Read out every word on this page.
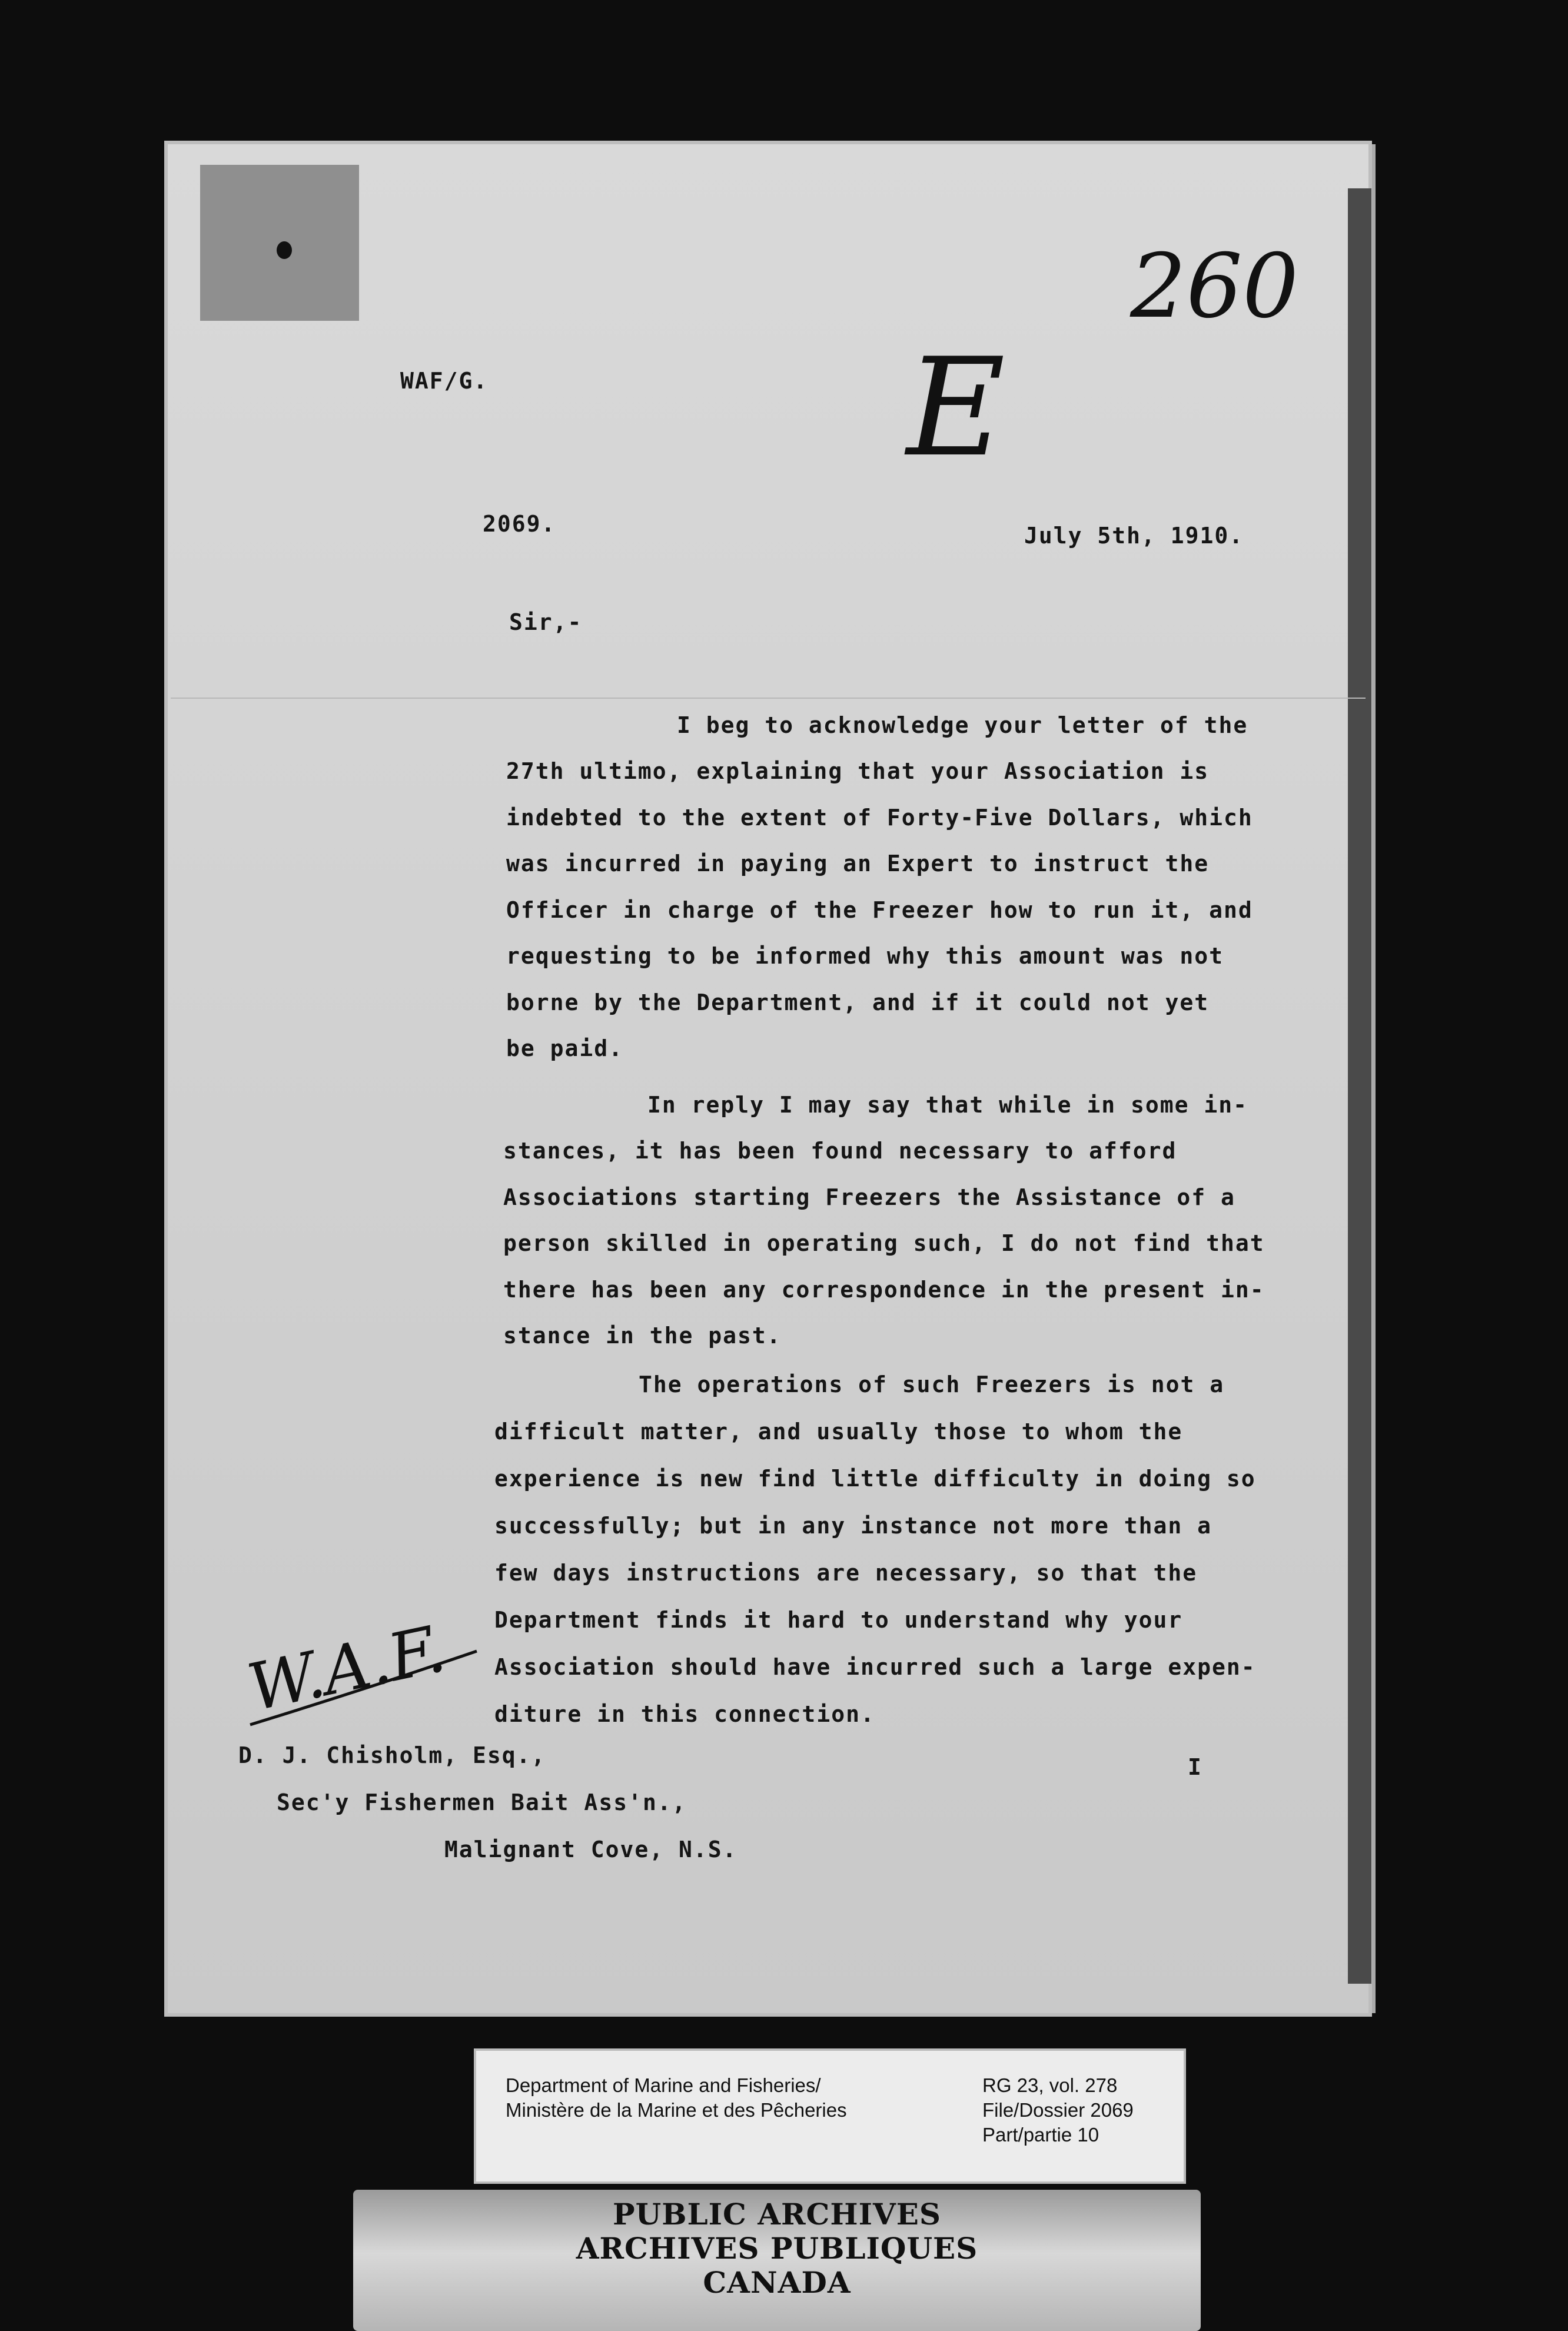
260
E
WAF/G.
2069.	July 5th, 1910.
Sir,-
I beg to acknowledge your letter of the
27th ultimo, explaining that your Association is
indebted to the extent of Forty-Five Dollars, which
was incurred in paying an Expert to instruct the
Officer in charge of the Freezer how to run it, and
requesting to be informed why this amount was not
borne by the Department, and if it could not yet
be paid.
In reply I may say that while in some in-
stances, it has been found necessary to afford
Associations starting Freezers the Assistance of a
person skilled in operating such, I do not find that
there has been any correspondence in the present in-
stance in the past.
The operations of such Freezers is not a
difficult matter, and usually those to whom the
experience is new find little difficulty in doing so
successfully; but in any instance not more than a
few days instructions are necessary, so that the
Department finds it hard to understand why your
Association should have incurred such a large expen-
diture in this connection.
W.A.F.
D. J. Chisholm, Esq.,
Sec'y Fishermen Bait Ass'n.,
Malignant Cove, N.S.
I
Department of Marine and Fisheries/
Ministère de la Marine et des Pêcheries
RG 23, vol. 278
File/Dossier 2069
Part/partie 10
PUBLIC ARCHIVES
ARCHIVES PUBLIQUES
CANADA
